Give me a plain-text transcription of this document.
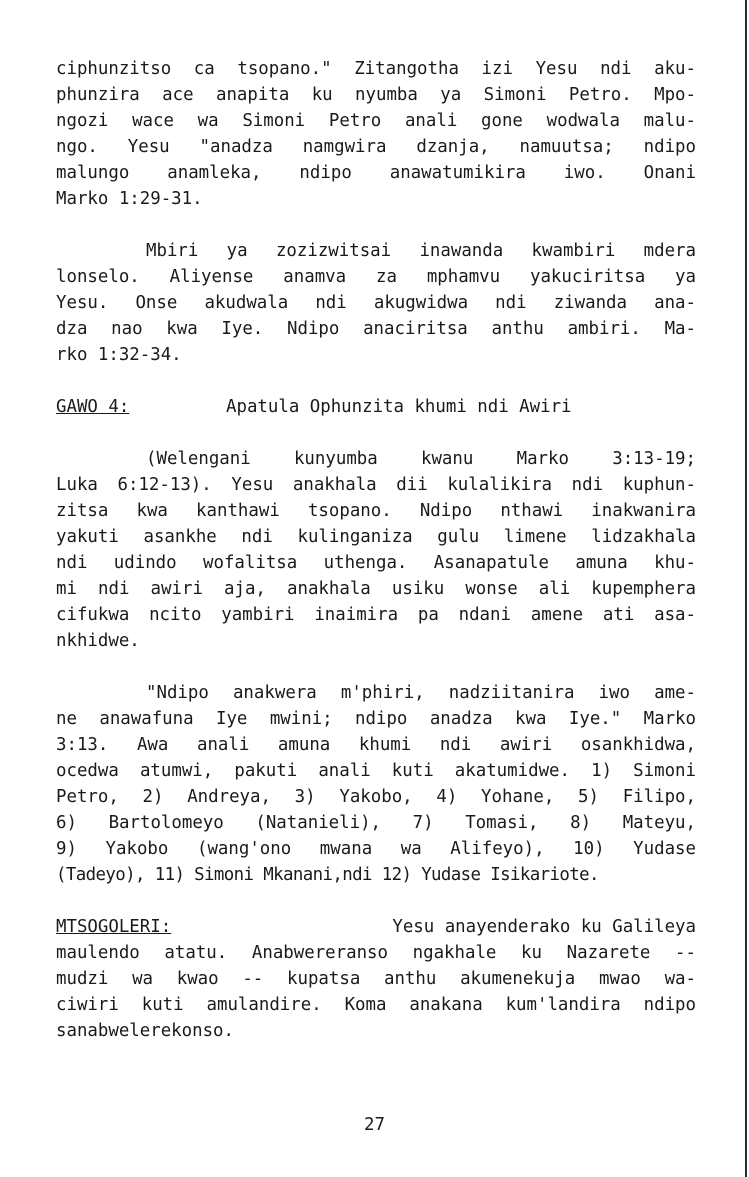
ciphunzitso ca tsopano." Zitangotha izi Yesu ndi aku-
phunzira ace anapita ku nyumba ya Simoni Petro. Mpo-
ngozi wace wa Simoni Petro anali gone wodwala malu-
ngo. Yesu "anadza namgwira dzanja, namuutsa; ndipo
malungo anamleka, ndipo anawatumikira iwo. Onani
Marko 1:29-31.

Mbiri ya zozizwitsai inawanda kwambiri mdera
lonselo. Aliyense anamva za mphamvu yakuciritsa ya
Yesu. Onse akudwala ndi akugwidwa ndi ziwanda ana-
dza nao kwa Iye. Ndipo anaciritsa anthu ambiri. Ma-
rko 1:32-34.

GAWO 4:	Apatula Ophunzita khumi ndi Awiri

(Welengani kunyumba kwanu Marko 3:13-19;
Luka 6:12-13). Yesu anakhala dii kulalikira ndi kuphun-
zitsa kwa kanthawi tsopano. Ndipo nthawi inakwanira
yakuti asankhe ndi kulinganiza gulu limene lidzakhala
ndi udindo wofalitsa uthenga. Asanapatule amuna khu-
mi ndi awiri aja, anakhala usiku wonse ali kupemphera
cifukwa ncito yambiri inaimira pa ndani amene ati asa-
nkhidwe.

"Ndipo anakwera m'phiri, nadziitanira iwo ame-
ne anawafuna Iye mwini; ndipo anadza kwa Iye." Marko
3:13. Awa anali amuna khumi ndi awiri osankhidwa,
ocedwa atumwi, pakuti anali kuti akatumidwe. 1) Simoni
Petro, 2) Andreya, 3) Yakobo, 4) Yohane, 5) Filipo,
6) Bartolomeyo (Natanieli), 7) Tomasi, 8) Mateyu,
9) Yakobo (wang'ono mwana wa Alifeyo), 10) Yudase
(Tadeyo), 11) Simoni Mkanani,ndi 12) Yudase Isikariote.

MTSOGOLERI:	Yesu anayenderako ku Galileya
maulendo atatu. Anabwereranso ngakhale ku Nazarete --
mudzi wa kwao -- kupatsa anthu akumenekuja mwao wa-
ciwiri kuti amulandire. Koma anakana kum'landira ndipo
sanabwelerekonso.

27
